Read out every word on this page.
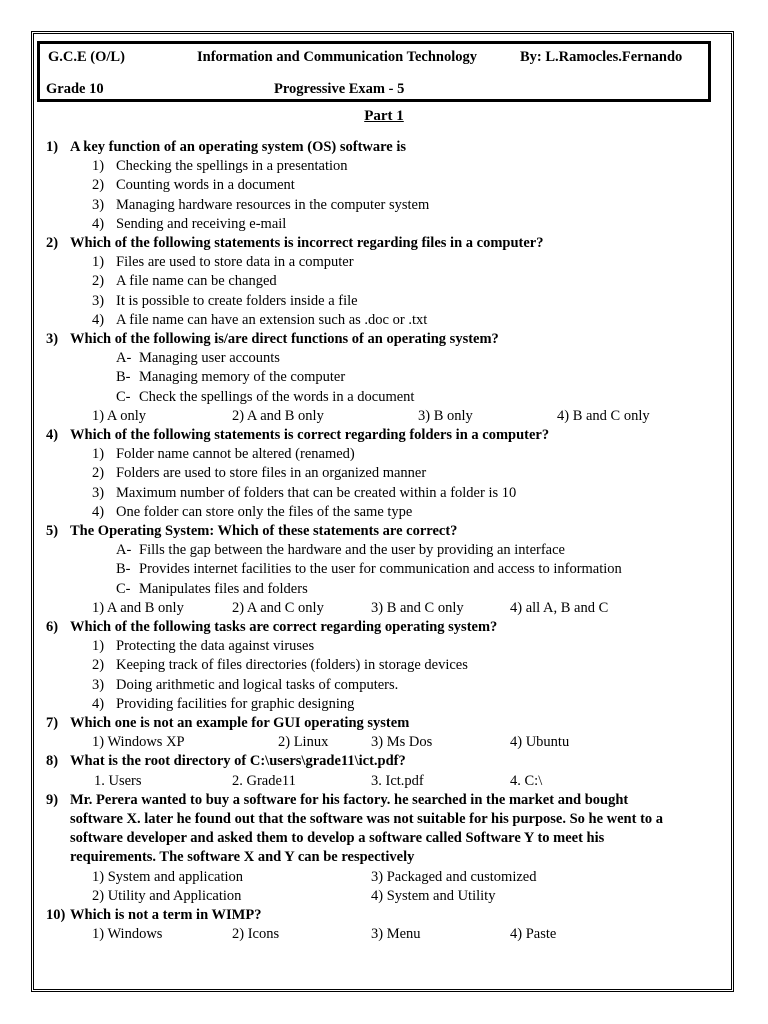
G.C.E (O/L)	Information and Communication Technology	By: L.Ramocles.Fernando
Grade 10	Progressive Exam - 5
Part 1
1) A key function of an operating system (OS) software is
1) Checking the spellings in a presentation
2) Counting words in a document
3) Managing hardware resources in the computer system
4) Sending and receiving e-mail
2) Which of the following statements is incorrect regarding files in a computer?
1) Files are used to store data in a computer
2) A file name can be changed
3) It is possible to create folders inside a file
4) A file name can have an extension such as .doc or .txt
3) Which of the following is/are direct functions of an operating system?
A- Managing user accounts
B- Managing memory of the computer
C- Check the spellings of the words in a document
1) A only	2) A and B only	3) B only	4) B and C only
4) Which of the following statements is correct regarding folders in a computer?
1) Folder name cannot be altered (renamed)
2) Folders are used to store files in an organized manner
3) Maximum number of folders that can be created within a folder is 10
4) One folder can store only the files of the same type
5) The Operating System: Which of these statements are correct?
A- Fills the gap between the hardware and the user by providing an interface
B- Provides internet facilities to the user for communication and access to information
C- Manipulates files and folders
1) A and B only	2) A and C only	3) B and C only	4) all A, B and C
6) Which of the following tasks are correct regarding operating system?
1) Protecting the data against viruses
2) Keeping track of files directories (folders) in storage devices
3) Doing arithmetic and logical tasks of computers.
4) Providing facilities for graphic designing
7) Which one is not an example for GUI operating system
1) Windows XP	2) Linux	3) Ms Dos	4) Ubuntu
8) What is the root directory of C:\users\grade11\ict.pdf?
1. Users	2. Grade11	3. Ict.pdf	4. C:\
9) Mr. Perera wanted to buy a software for his factory. he searched in the market and bought
software X. later he found out that the software was not suitable for his purpose. So he went to a
software developer and asked them to develop a software called Software Y to meet his
requirements. The software X and Y can be respectively
1) System and application	3) Packaged and customized
2) Utility and Application	4) System and Utility
10) Which is not a term in WIMP?
1) Windows	2) Icons	3) Menu	4) Paste
